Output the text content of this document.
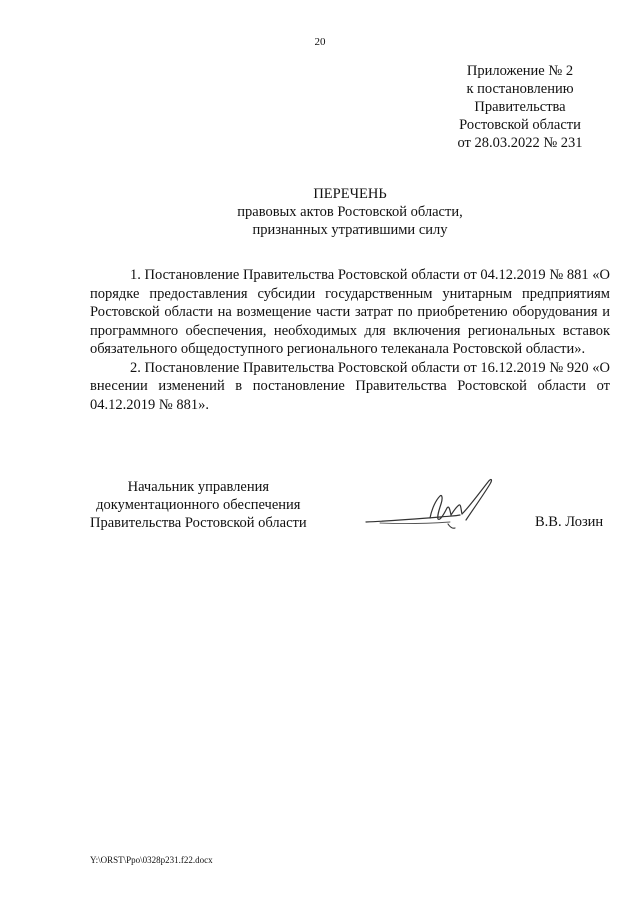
20
Приложение № 2
к постановлению
Правительства
Ростовской области
от 28.03.2022 № 231
ПЕРЕЧЕНЬ
правовых актов Ростовской области,
признанных утратившими силу

1. Постановление Правительства Ростовской области от 04.12.2019 № 881 «О порядке предоставления субсидии государственным унитарным предприятиям Ростовской области на возмещение части затрат по приобретению оборудования и программного обеспечения, необходимых для включения региональных вставок обязательного общедоступного регионального телеканала Ростовской области».

2. Постановление Правительства Ростовской области от 16.12.2019 № 920 «О внесении изменений в постановление Правительства Ростовской области от 04.12.2019 № 881».

Начальник управления
документационного обеспечения
Правительства Ростовской области	В.В. Лозин
Y:\ORST\Ppo\0328p231.f22.docx
